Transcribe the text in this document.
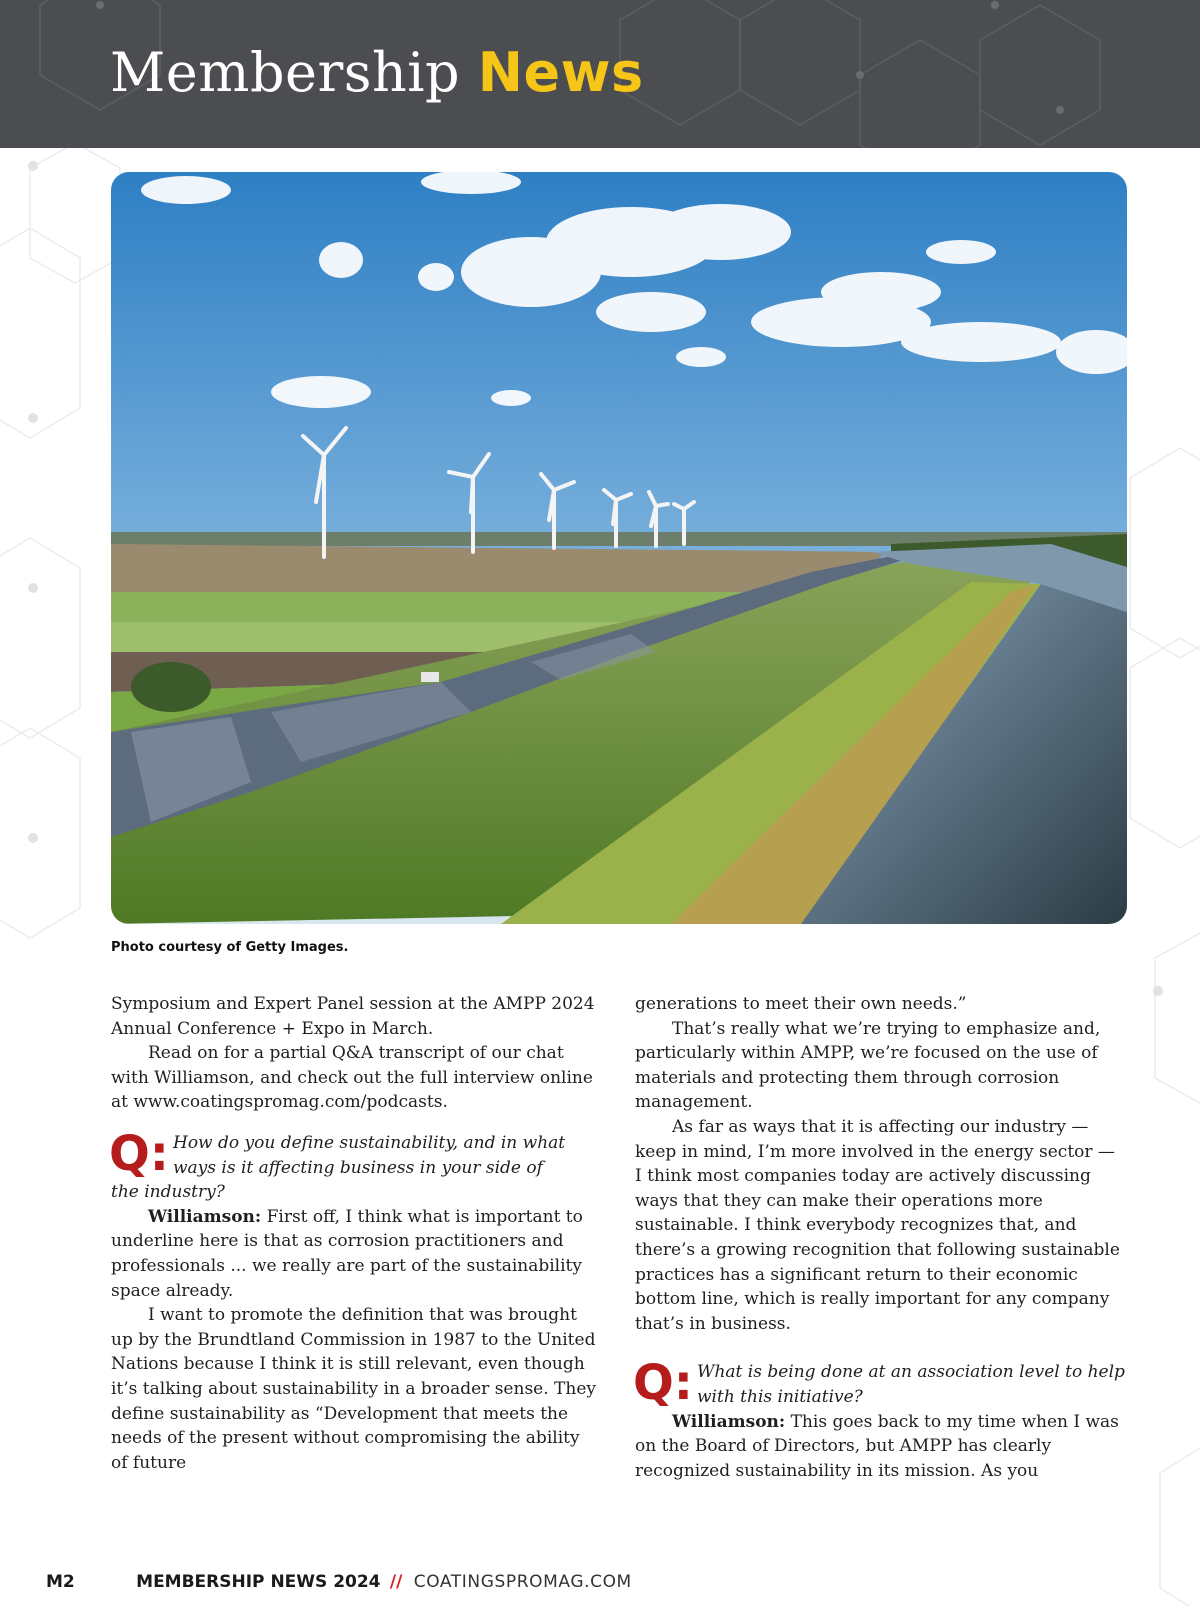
Membership News
Photo courtesy of Getty Images.

Symposium and Expert Panel session at the AMPP 2024 Annual Conference + Expo in March.

Read on for a partial Q&A transcript of our chat with Williamson, and check out the full interview online at www.coatingspromag.com/podcasts.

Q: How do you define sustainability, and in what
ways is it affecting business in your side of
the industry?

Williamson: First off, I think what is important to underline here is that as corrosion practitioners and professionals ... we really are part of the sustainability space already.

I want to promote the definition that was brought up by the Brundtland Commission in 1987 to the United Nations because I think it is still relevant, even though it’s talking about sustainability in a broader sense. They define sustainability as “Development that meets the needs of the present without compromising the ability of future

generations to meet their own needs.”

That’s really what we’re trying to emphasize and, particularly within AMPP, we’re focused on the use of materials and protecting them through corrosion management.

As far as ways that it is affecting our industry — keep in mind, I’m more involved in the energy sector — I think most companies today are actively discussing ways that they can make their operations more sustainable. I think everybody recognizes that, and there’s a growing recognition that following sustainable practices has a significant return to their economic bottom line, which is really important for any company that’s in business.

Q: What is being done at an association level to help
with this initiative?

Williamson: This goes back to my time when I was on the Board of Directors, but AMPP has clearly recognized sustainability in its mission. As you

M2	MEMBERSHIP NEWS 2024 // COATINGSPROMAG.COM
